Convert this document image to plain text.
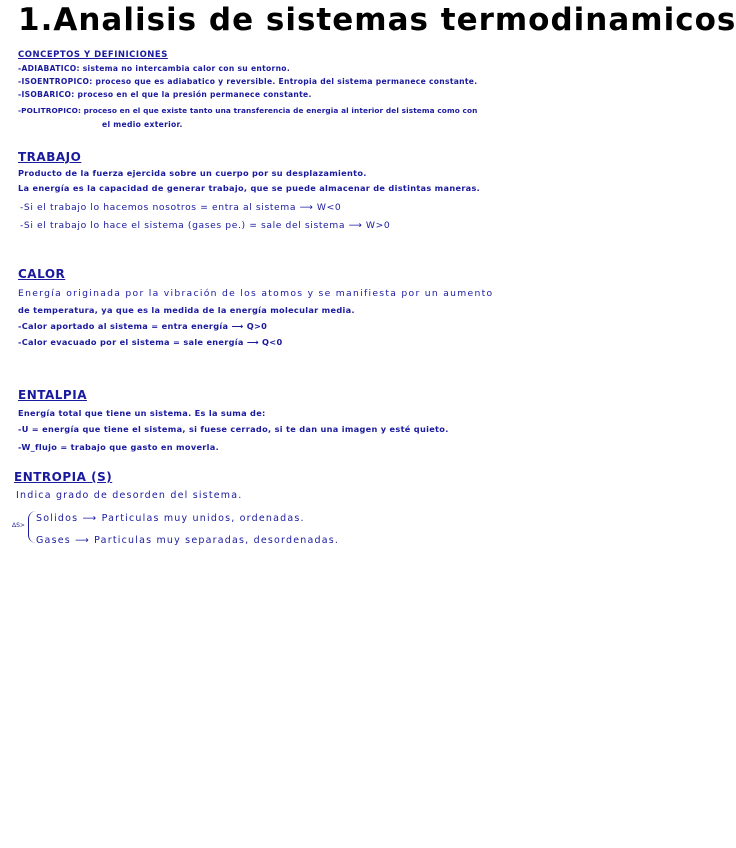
1.Analisis de sistemas termodinamicos
CONCEPTOS Y DEFINICIONES
-ADIABATICO: sistema no intercambia calor con su entorno.
-ISOENTROPICO: proceso que es adiabatico y reversible. Entropia del sistema permanece constante.
-ISOBARICO: proceso en el que la presión permanece constante.
-POLITROPICO: proceso en el que existe tanto una transferencia de energia al interior del sistema como con
el medio exterior.
TRABAJO
Producto de la fuerza ejercida sobre un cuerpo por su desplazamiento.
La energía es la capacidad de generar trabajo, que se puede almacenar de distintas maneras.
-Si el trabajo lo hacemos nosotros = entra al sistema ⟶ W<0
-Si el trabajo lo hace el sistema (gases pe.) = sale del sistema ⟶ W>0
CALOR
Energía originada por la vibración de los atomos y se manifiesta por un aumento
de temperatura, ya que es la medida de la energía molecular media.
-Calor aportado al sistema = entra energía ⟶ Q>0
-Calor evacuado por el sistema = sale energía ⟶ Q<0
ENTALPIA
Energía total que tiene un sistema. Es la suma de:
-U = energía que tiene el sistema, si fuese cerrado, si te dan una imagen y esté quieto.
-W_flujo = trabajo que gasto en moverla.
ENTROPIA (S)
Indica grado de desorden del sistema.
ΔS>
Solidos ⟶ Particulas muy unidos, ordenadas.
Gases ⟶ Particulas muy separadas, desordenadas.
